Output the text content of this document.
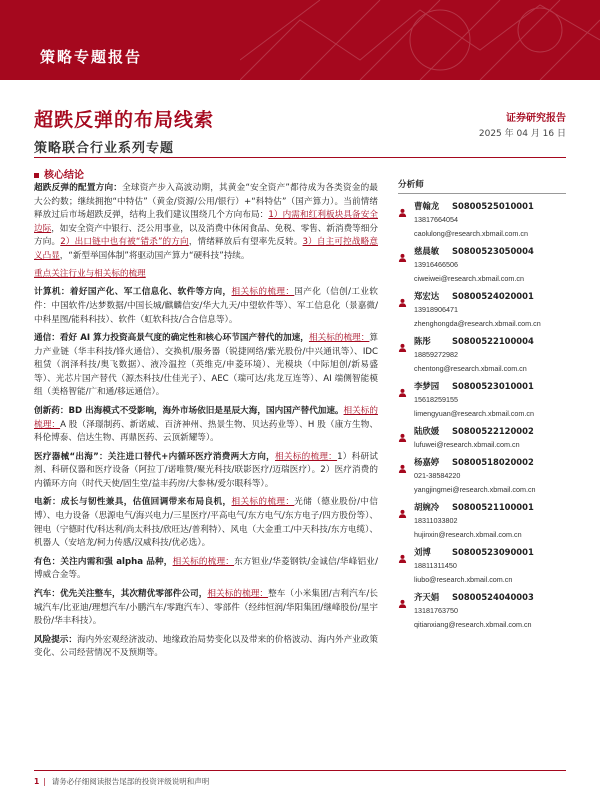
策略专题报告
超跌反弹的布局线索
策略联合行业系列专题
证券研究报告
2025 年 04 月 16 日
核心结论

超跌反弹的配置方向：全球资产步入高波动期，其黄金“安全资产”都待成为各类资金的最大公约数；继续拥抱“中特估”（黄金/资源/公用/银行）+“科特估”（国产算力）。当前情绪释放过后市场超跌反弹，结构上我们建议围绕几个方向布局：1）内需和红利板块具备安全边际，如安全资产中银行、泛公用事业，以及消费中休闲食品、免税、零售、新消费等细分方向。2）出口链中也有被“错杀”的方向，情绪释放后有望率先反转。3）自主可控战略意义凸显，“新型举国体制”将驱动国产算力“硬科技”持续。

重点关注行业与相关标的梳理

计算机：着好国产化、军工信息化、软件等方向，相关标的梳理：国产化（信创/工业软件：中国软件/达梦数据/中国长城/麒麟信安/华大九天/中望软件等）、军工信息化（景嘉微/中科星图/能科科技）、软件（虹软科技/合合信息等）。

通信：看好 AI 算力投资高景气度的确定性和核心环节国产替代的加速，相关标的梳理：算力产业链（华丰科技/锋火通信）、交换机/服务器（锐捷网络/紫光股份/中兴通讯等）、IDC 租赁（润泽科技/奥飞数据）、液冷温控（英维克/申菱环境）、光模块（中际旭创/新易盛等）、光芯片国产替代（源杰科技/仕佳光子）、AEC（瑞可达/兆龙互连等）、AI 端侧智能模组（美格智能/广和通/移远通信）。

创新药：BD 出海模式不受影响，海外市场依旧是星辰大海，国内国产替代加速。相关标的梳理：A 股（泽璟制药、新诺威、百济神州、热景生物、贝达药业等）、H 股（康方生物、科伦博泰、信达生物、再鼎医药、云顶新耀等）。

医疗器械“出海”：关注进口替代+内循环医疗消费两大方向，相关标的梳理：1）科研试剂、科研仪器和医疗设备（阿拉丁/诺唯赞/聚光科技/联影医疗/迈瑞医疗）。2）医疗消费的内循环方向（时代天使/固生堂/益丰药房/大参林/爱尔眼科等）。

电新：成长与韧性兼具，估值回调带来布局良机，相关标的梳理：光储（德业股份/中信博）、电力设备（思源电气/海兴电力/三星医疗/平高电气/东方电气/东方电子/四方股份等）、锂电（宁德时代/科达利/尚太科技/欣旺达/普利特）、风电（大金重工/中天科技/东方电缆）、机器人（安培龙/柯力传感/汉威科技/优必选）。

有色：关注内需和强 alpha 品种，相关标的梳理：东方钽业/华菱钢铁/金诚信/华峰铝业/博威合金等。

汽车：优先关注整车，其次精优零部件公司，相关标的梳理：整车（小米集团/吉利汽车/长城汽车/比亚迪/理想汽车/小鹏汽车/零跑汽车）、零部件（经纬恒润/华阳集团/继峰股份/星宇股份/华丰科技）。

风险提示：海内外宏观经济波动、地缘政治局势变化以及带来的价格波动、海内外产业政策变化、公司经营情况不及预期等。

分析师
曹翰龙	S0800525010001
13817664054
caolulong@research.xbmail.com.cn
慈晨敏	S0800523050004
13916466506
ciweiwei@research.xbmail.com.cn
郑宏达	S0800524020001
13918906471
zhenghongda@research.xbmail.com.cn
陈彤	S0800522100004
18859272982
chentong@research.xbmail.com.cn
李梦园	S0800523010001
15618259155
limengyuan@research.xbmail.com.cn
陆欣媛	S0800522120002
lufuwei@research.xbmail.com.cn
杨嘉婷	S0800518020002
021-38584220
yangjingmei@research.xbmail.com.cn
胡婉冷	S0800521100001
18311033802
hujinxin@research.xbmail.com.cn
刘博	S0800523090001
18811311450
liubo@research.xbmail.com.cn
齐天娟	S0800524040003
13181763750
qitianxiang@research.xbmail.com.cn
1 | 请务必仔细阅读报告尾部的投资评级说明和声明
